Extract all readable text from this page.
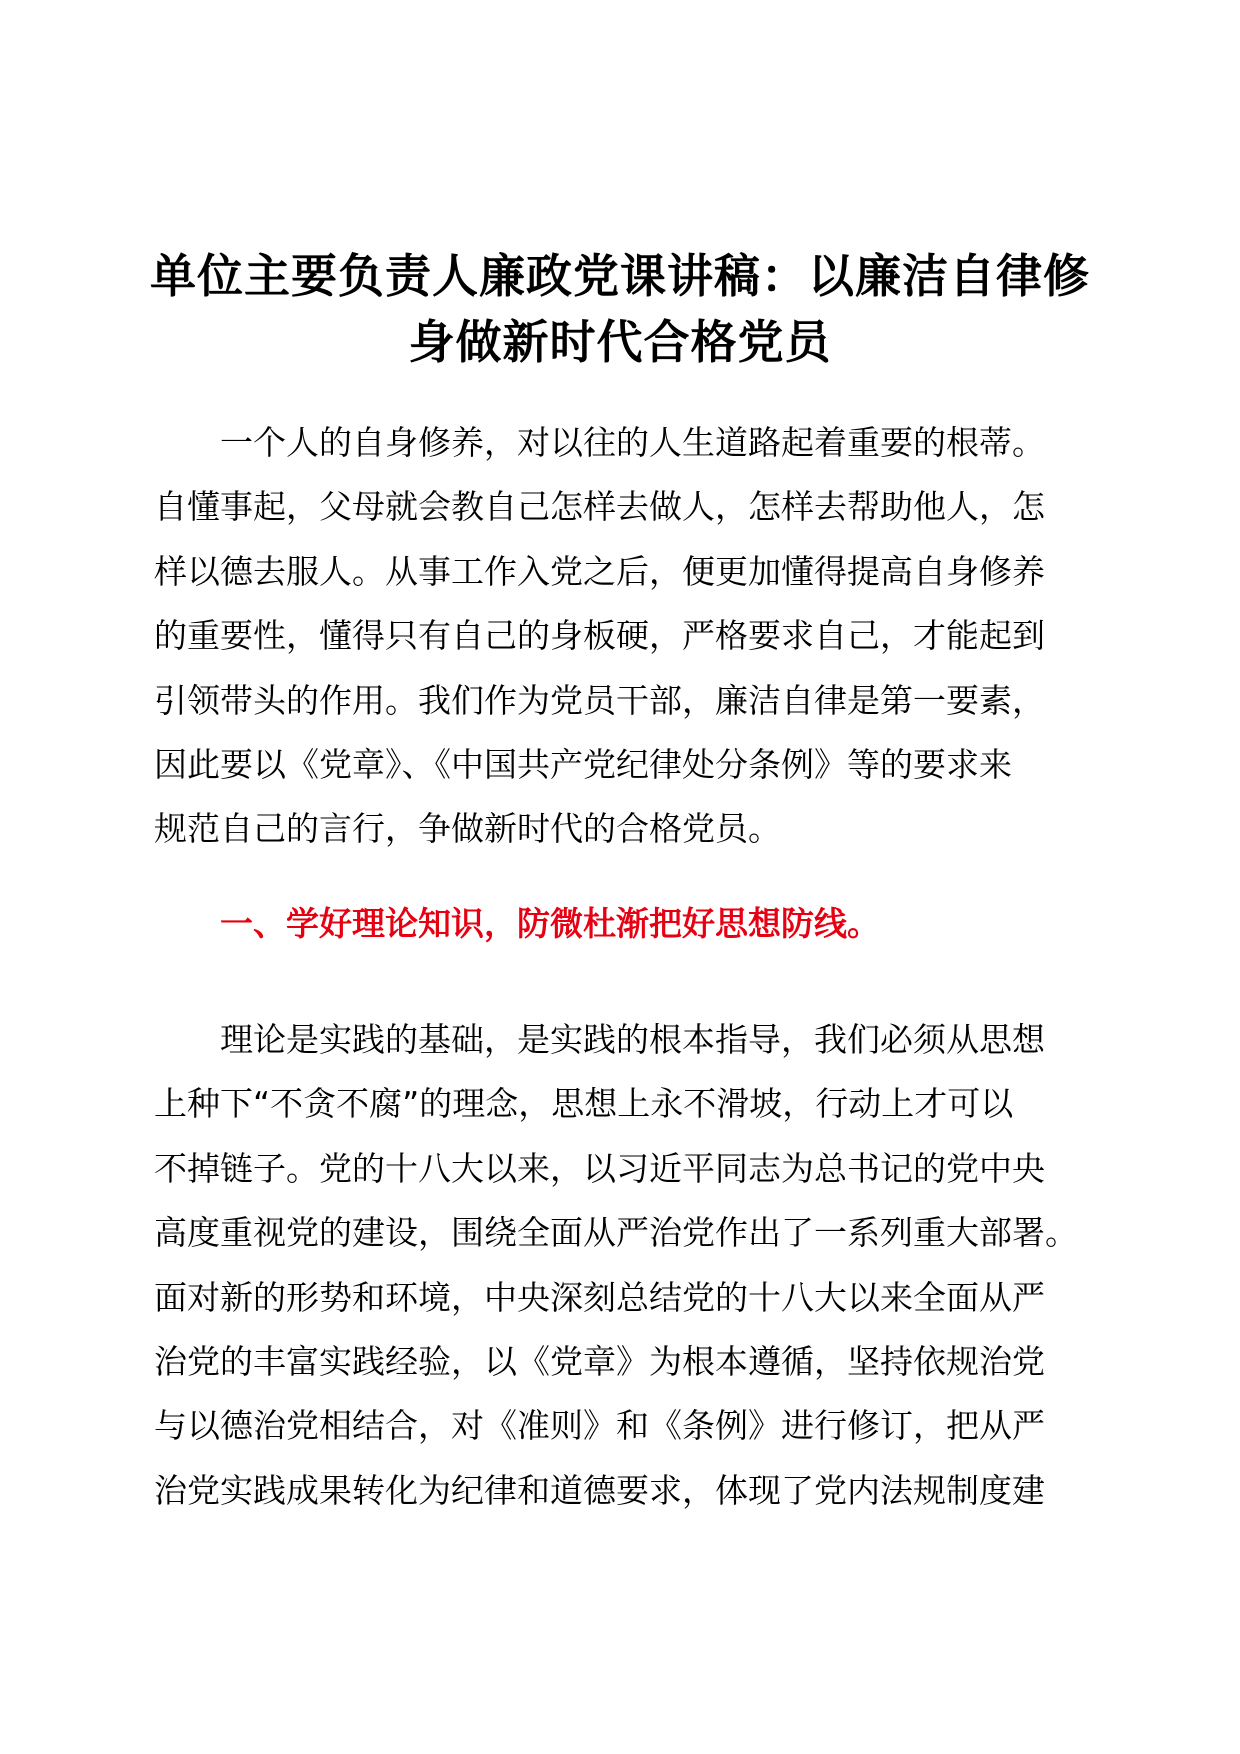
单位主要负责人廉政党课讲稿：以廉洁自律修
身做新时代合格党员

一个人的自身修养，对以往的人生道路起着重要的根蒂。
自懂事起，父母就会教自己怎样去做人，怎样去帮助他人，怎
样以德去服人。从事工作入党之后，便更加懂得提高自身修养
的重要性，懂得只有自己的身板硬，严格要求自己，才能起到
引领带头的作用。我们作为党员干部，廉洁自律是第一要素，
因此要以《党章》、《中国共产党纪律处分条例》等的要求来
规范自己的言行，争做新时代的合格党员。

一、学好理论知识，防微杜渐把好思想防线。

理论是实践的基础，是实践的根本指导，我们必须从思想
上种下“不贪不腐”的理念，思想上永不滑坡，行动上才可以
不掉链子。党的十八大以来，以习近平同志为总书记的党中央
高度重视党的建设，围绕全面从严治党作出了一系列重大部署。
面对新的形势和环境，中央深刻总结党的十八大以来全面从严
治党的丰富实践经验，以《党章》为根本遵循，坚持依规治党
与以德治党相结合，对《准则》和《条例》进行修订，把从严
治党实践成果转化为纪律和道德要求，体现了党内法规制度建
